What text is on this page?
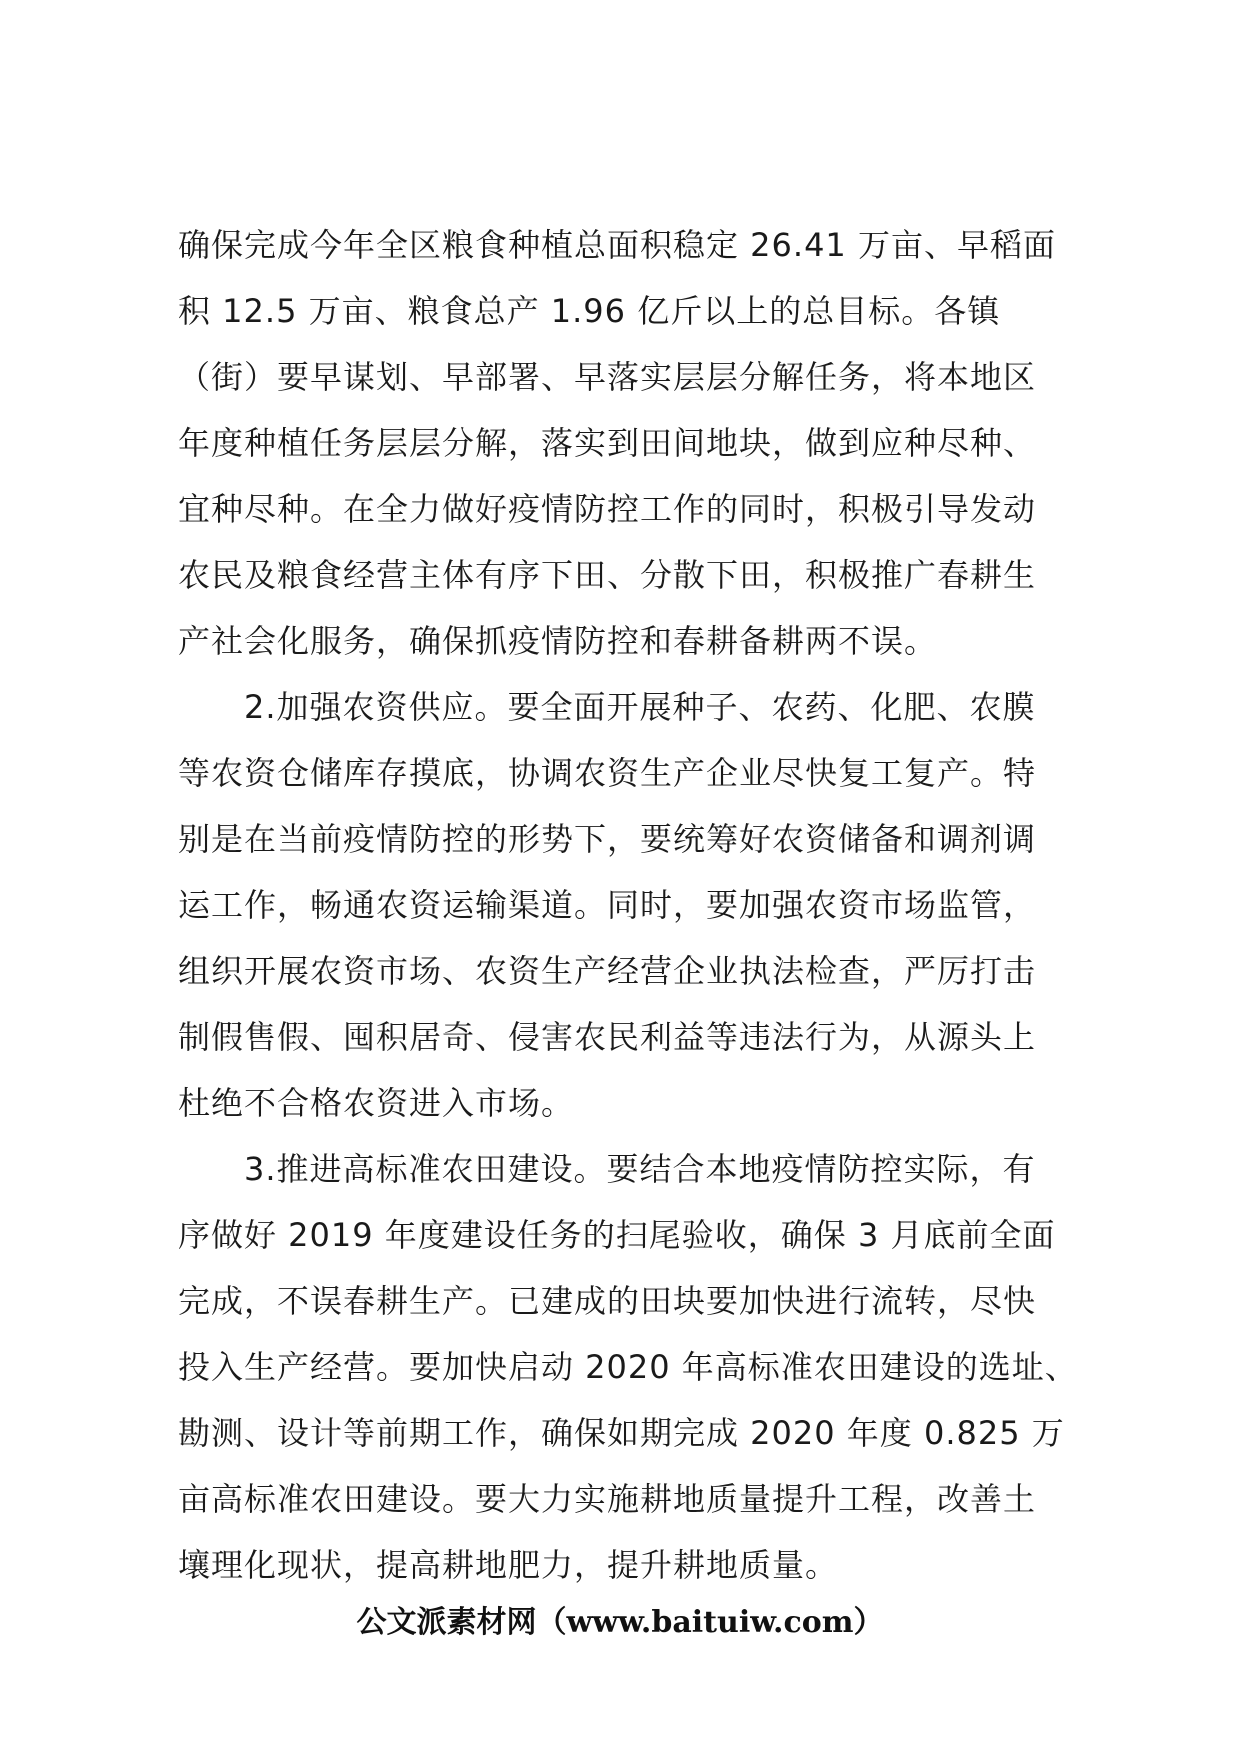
确保完成今年全区粮食种植总面积稳定 26.41 万亩、早稻面
积 12.5 万亩、粮食总产 1.96 亿斤以上的总目标。各镇
（街）要早谋划、早部署、早落实层层分解任务，将本地区
年度种植任务层层分解，落实到田间地块，做到应种尽种、
宜种尽种。在全力做好疫情防控工作的同时，积极引导发动
农民及粮食经营主体有序下田、分散下田，积极推广春耕生
产社会化服务，确保抓疫情防控和春耕备耕两不误。
2.加强农资供应。要全面开展种子、农药、化肥、农膜
等农资仓储库存摸底，协调农资生产企业尽快复工复产。特
别是在当前疫情防控的形势下，要统筹好农资储备和调剂调
运工作，畅通农资运输渠道。同时，要加强农资市场监管，
组织开展农资市场、农资生产经营企业执法检查，严厉打击
制假售假、囤积居奇、侵害农民利益等违法行为，从源头上
杜绝不合格农资进入市场。
3.推进高标准农田建设。要结合本地疫情防控实际，有
序做好 2019 年度建设任务的扫尾验收，确保 3 月底前全面
完成，不误春耕生产。已建成的田块要加快进行流转，尽快
投入生产经营。要加快启动 2020 年高标准农田建设的选址、
勘测、设计等前期工作，确保如期完成 2020 年度 0.825 万
亩高标准农田建设。要大力实施耕地质量提升工程，改善土
壤理化现状，提高耕地肥力，提升耕地质量。
公文派素材网（www.baituiw.com）
